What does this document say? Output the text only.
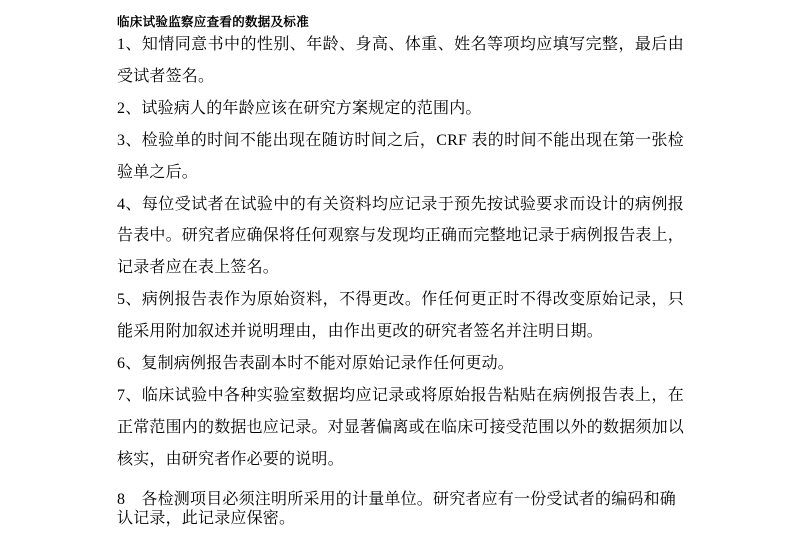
临床试验监察应查看的数据及标准

1、知情同意书中的性别、年龄、身高、体重、姓名等项均应填写完整，最后由受试者签名。

2、试验病人的年龄应该在研究方案规定的范围内。

3、检验单的时间不能出现在随访时间之后，CRF 表的时间不能出现在第一张检验单之后。

4、每位受试者在试验中的有关资料均应记录于预先按试验要求而设计的病例报告表中。研究者应确保将任何观察与发现均正确而完整地记录于病例报告表上，记录者应在表上签名。

5、病例报告表作为原始资料，不得更改。作任何更正时不得改变原始记录，只能采用附加叙述并说明理由，由作出更改的研究者签名并注明日期。

6、复制病例报告表副本时不能对原始记录作任何更动。

7、临床试验中各种实验室数据均应记录或将原始报告粘贴在病例报告表上，在正常范围内的数据也应记录。对显著偏离或在临床可接受范围以外的数据须加以核实，由研究者作必要的说明。

8　各检测项目必须注明所采用的计量单位。研究者应有一份受试者的编码和确认记录，此记录应保密。
